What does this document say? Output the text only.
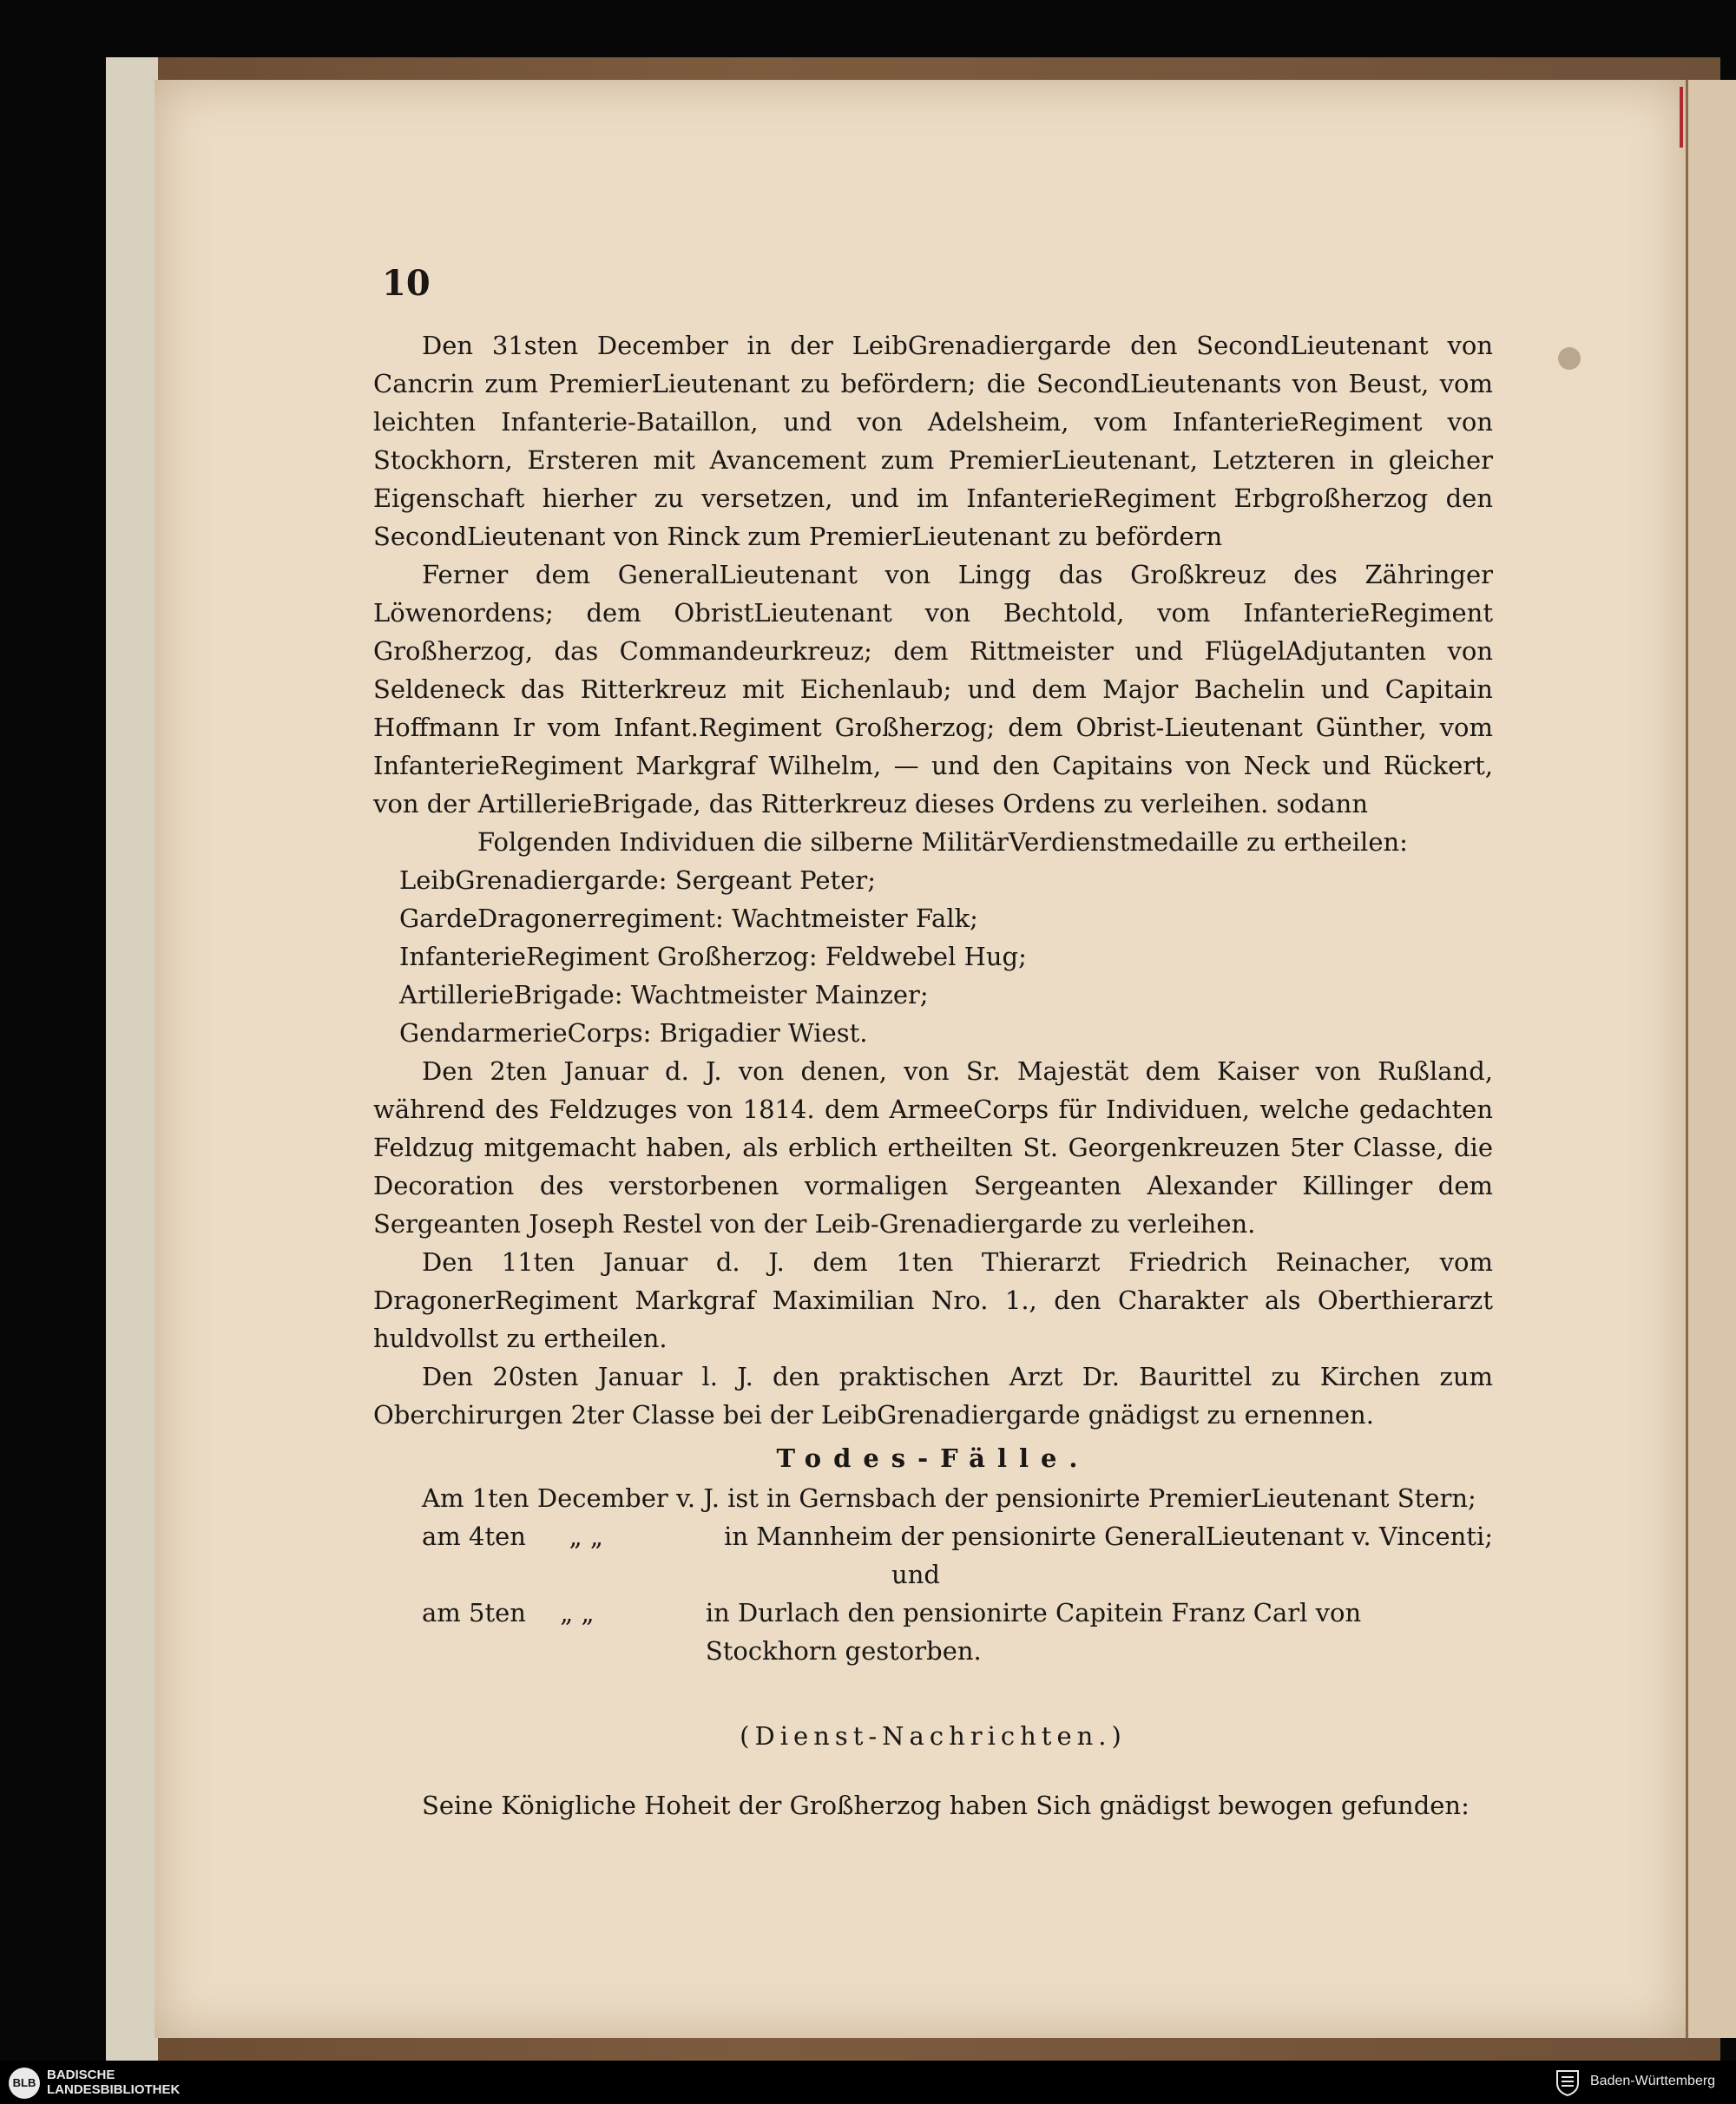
10

Den 31sten December in der LeibGrenadiergarde den SecondLieutenant von Cancrin zum PremierLieutenant zu befördern; die SecondLieutenants von Beust, vom leichten Infanterie-Bataillon, und von Adelsheim, vom InfanterieRegiment von Stockhorn, Ersteren mit Avancement zum PremierLieutenant, Letzteren in gleicher Eigenschaft hierher zu versetzen, und im InfanterieRegiment Erbgroßherzog den SecondLieutenant von Rinck zum PremierLieutenant zu befördern

Ferner dem GeneralLieutenant von Lingg das Großkreuz des Zähringer Löwenordens; dem ObristLieutenant von Bechtold, vom InfanterieRegiment Großherzog, das Commandeurkreuz; dem Rittmeister und FlügelAdjutanten von Seldeneck das Ritterkreuz mit Eichenlaub; und dem Major Bachelin und Capitain Hoffmann Ir vom Infant.Regiment Großherzog; dem Obrist-Lieutenant Günther, vom InfanterieRegiment Markgraf Wilhelm, — und den Capitains von Neck und Rückert, von der ArtillerieBrigade, das Ritterkreuz dieses Ordens zu verleihen. sodann

Folgenden Individuen die silberne MilitärVerdienstmedaille zu ertheilen:

LeibGrenadiergarde: Sergeant Peter;
GardeDragonerregiment: Wachtmeister Falk;
InfanterieRegiment Großherzog: Feldwebel Hug;
ArtillerieBrigade: Wachtmeister Mainzer;
GendarmerieCorps: Brigadier Wiest.

Den 2ten Januar d. J. von denen, von Sr. Majestät dem Kaiser von Rußland, während des Feldzuges von 1814. dem ArmeeCorps für Individuen, welche gedachten Feldzug mitgemacht haben, als erblich ertheilten St. Georgenkreuzen 5ter Classe, die Decoration des verstorbenen vormaligen Sergeanten Alexander Killinger dem Sergeanten Joseph Restel von der Leib-Grenadiergarde zu verleihen.

Den 11ten Januar d. J. dem 1ten Thierarzt Friedrich Reinacher, vom DragonerRegiment Markgraf Maximilian Nro. 1., den Charakter als Oberthierarzt huldvollst zu ertheilen.

Den 20sten Januar l. J. den praktischen Arzt Dr. Baurittel zu Kirchen zum Oberchirurgen 2ter Classe bei der LeibGrenadiergarde gnädigst zu ernennen.

Todes-Fälle.
Am 1ten December v. J.
ist in Gernsbach der pensionirte PremierLieutenant Stern;
am 4ten	„ „	in Mannheim der pensionirte GeneralLieutenant v. Vincenti;
und
am 5ten	„ „	in Durlach den pensionirte Capitein Franz Carl von Stockhorn gestorben.
(Dienst-Nachrichten.)

Seine Königliche Hoheit der Großherzog haben Sich gnädigst bewogen gefunden:

BLB
BADISCHE
LANDESBIBLIOTHEK
Baden-Württemberg
